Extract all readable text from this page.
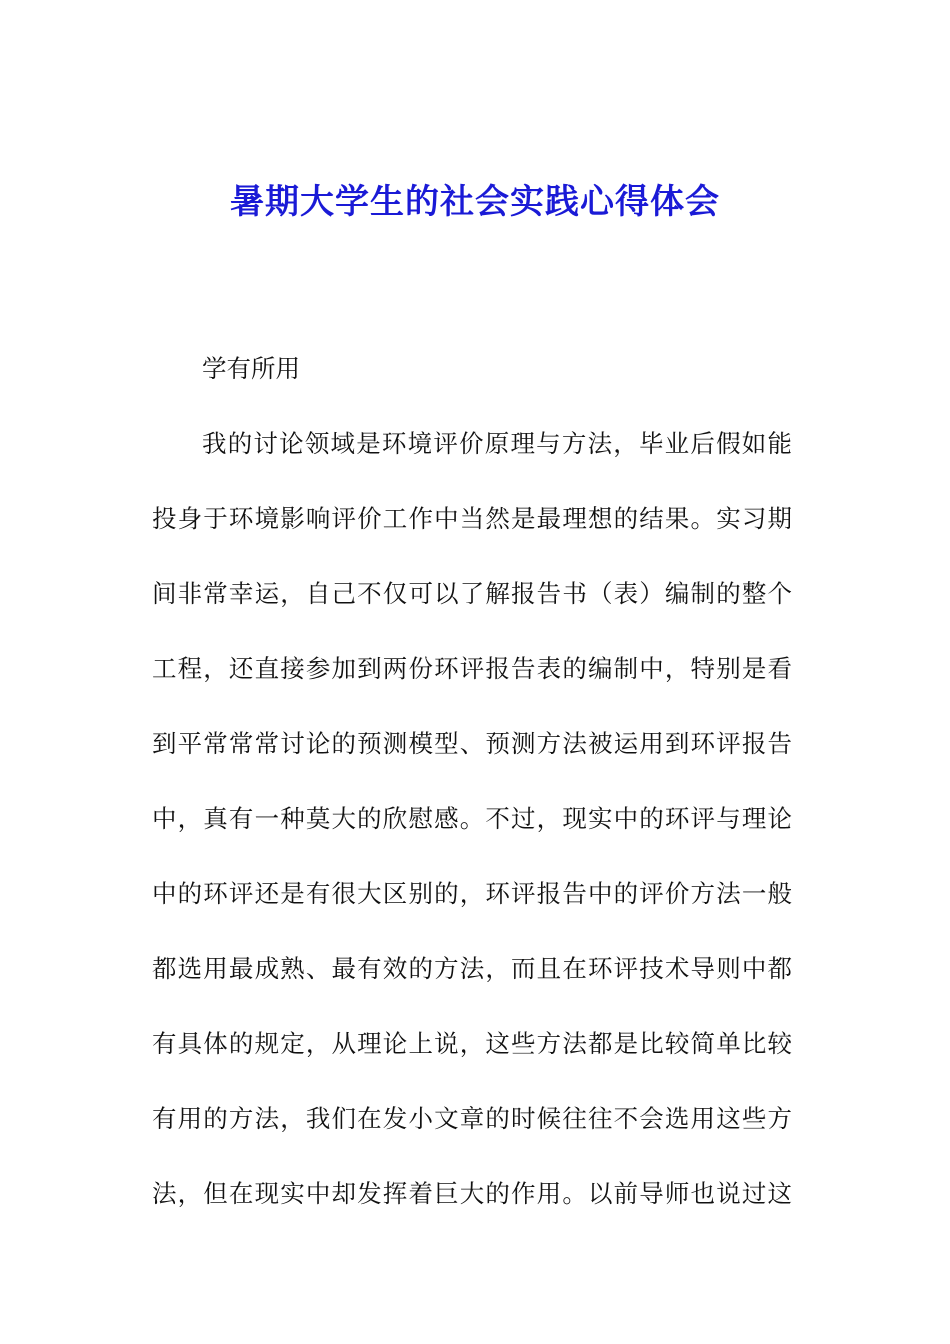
暑期大学生的社会实践心得体会
学有所用
我的讨论领域是环境评价原理与方法，毕业后假如能
投身于环境影响评价工作中当然是最理想的结果。实习期
间非常幸运，自己不仅可以了解报告书（表）编制的整个
工程，还直接参加到两份环评报告表的编制中，特别是看
到平常常常讨论的预测模型、预测方法被运用到环评报告
中，真有一种莫大的欣慰感。不过，现实中的环评与理论
中的环评还是有很大区别的，环评报告中的评价方法一般
都选用最成熟、最有效的方法，而且在环评技术导则中都
有具体的规定，从理论上说，这些方法都是比较简单比较
有用的方法，我们在发小文章的时候往往不会选用这些方
法，但在现实中却发挥着巨大的作用。以前导师也说过这
